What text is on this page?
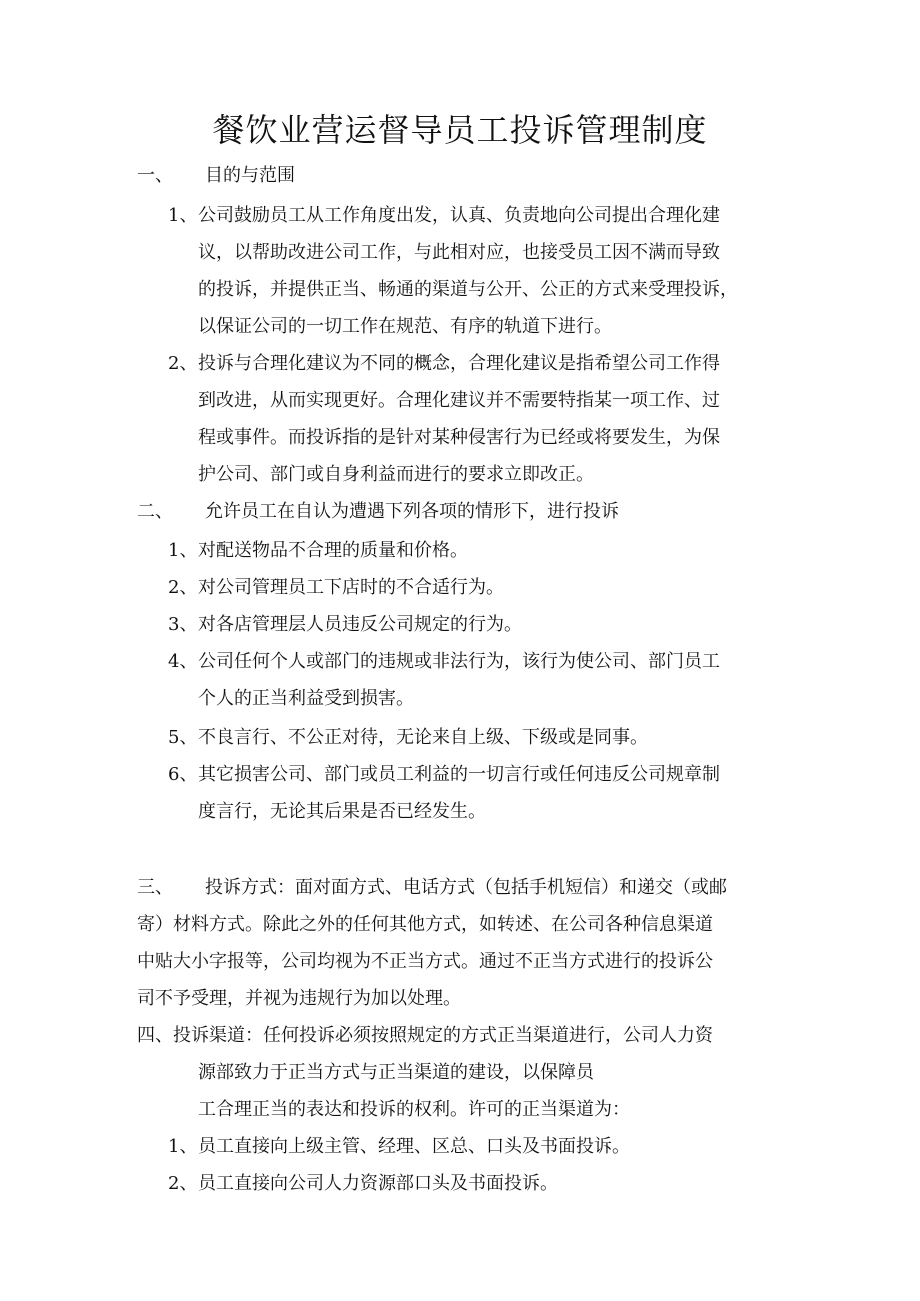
餐饮业营运督导员工投诉管理制度
一、 目的与范围
1、 公司鼓励员工从工作角度出发，认真、负责地向公司提出合理化建
议，以帮助改进公司工作，与此相对应，也接受员工因不满而导致
的投诉，并提供正当、畅通的渠道与公开、公正的方式来受理投诉，
以保证公司的一切工作在规范、有序的轨道下进行。
2、 投诉与合理化建议为不同的概念，合理化建议是指希望公司工作得
到改进，从而实现更好。合理化建议并不需要特指某一项工作、过
程或事件。而投诉指的是针对某种侵害行为已经或将要发生，为保
护公司、部门或自身利益而进行的要求立即改正。
二、 允许员工在自认为遭遇下列各项的情形下，进行投诉
1、 对配送物品不合理的质量和价格。
2、 对公司管理员工下店时的不合适行为。
3、 对各店管理层人员违反公司规定的行为。
4、 公司任何个人或部门的违规或非法行为，该行为使公司、部门员工
个人的正当利益受到损害。
5、 不良言行、不公正对待，无论来自上级、下级或是同事。
6、 其它损害公司、部门或员工利益的一切言行或任何违反公司规章制
度言行，无论其后果是否已经发生。
三、 投诉方式：面对面方式、电话方式（包括手机短信）和递交（或邮
寄）材料方式。除此之外的任何其他方式，如转述、在公司各种信息渠道
中贴大小字报等，公司均视为不正当方式。通过不正当方式进行的投诉公
司不予受理，并视为违规行为加以处理。
四、投诉渠道：任何投诉必须按照规定的方式正当渠道进行，公司人力资
源部致力于正当方式与正当渠道的建设，以保障员
工合理正当的表达和投诉的权利。许可的正当渠道为：
1、 员工直接向上级主管、经理、区总、口头及书面投诉。
2、 员工直接向公司人力资源部口头及书面投诉。
